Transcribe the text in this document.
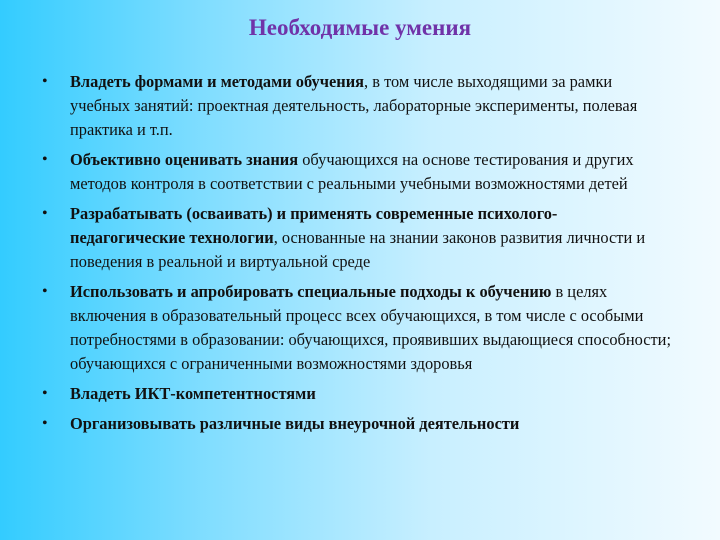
Необходимые умения
• Владеть формами и методами обучения, в том числе выходящими за рамки учебных занятий: проектная деятельность, лабораторные эксперименты, полевая практика и т.п.
• Объективно оценивать знания обучающихся на основе тестирования и других методов контроля в соответствии с реальными учебными возможностями детей
• Разрабатывать (осваивать) и применять современные психолого-педагогические технологии, основанные на знании законов развития личности и поведения в реальной и виртуальной среде
• Использовать и апробировать специальные подходы к обучению в целях включения в образовательный процесс всех обучающихся, в том числе с особыми потребностями в образовании: обучающихся, проявивших выдающиеся способности; обучающихся с ограниченными возможностями здоровья
• Владеть ИКТ-компетентностями
• Организовывать различные виды внеурочной деятельности
